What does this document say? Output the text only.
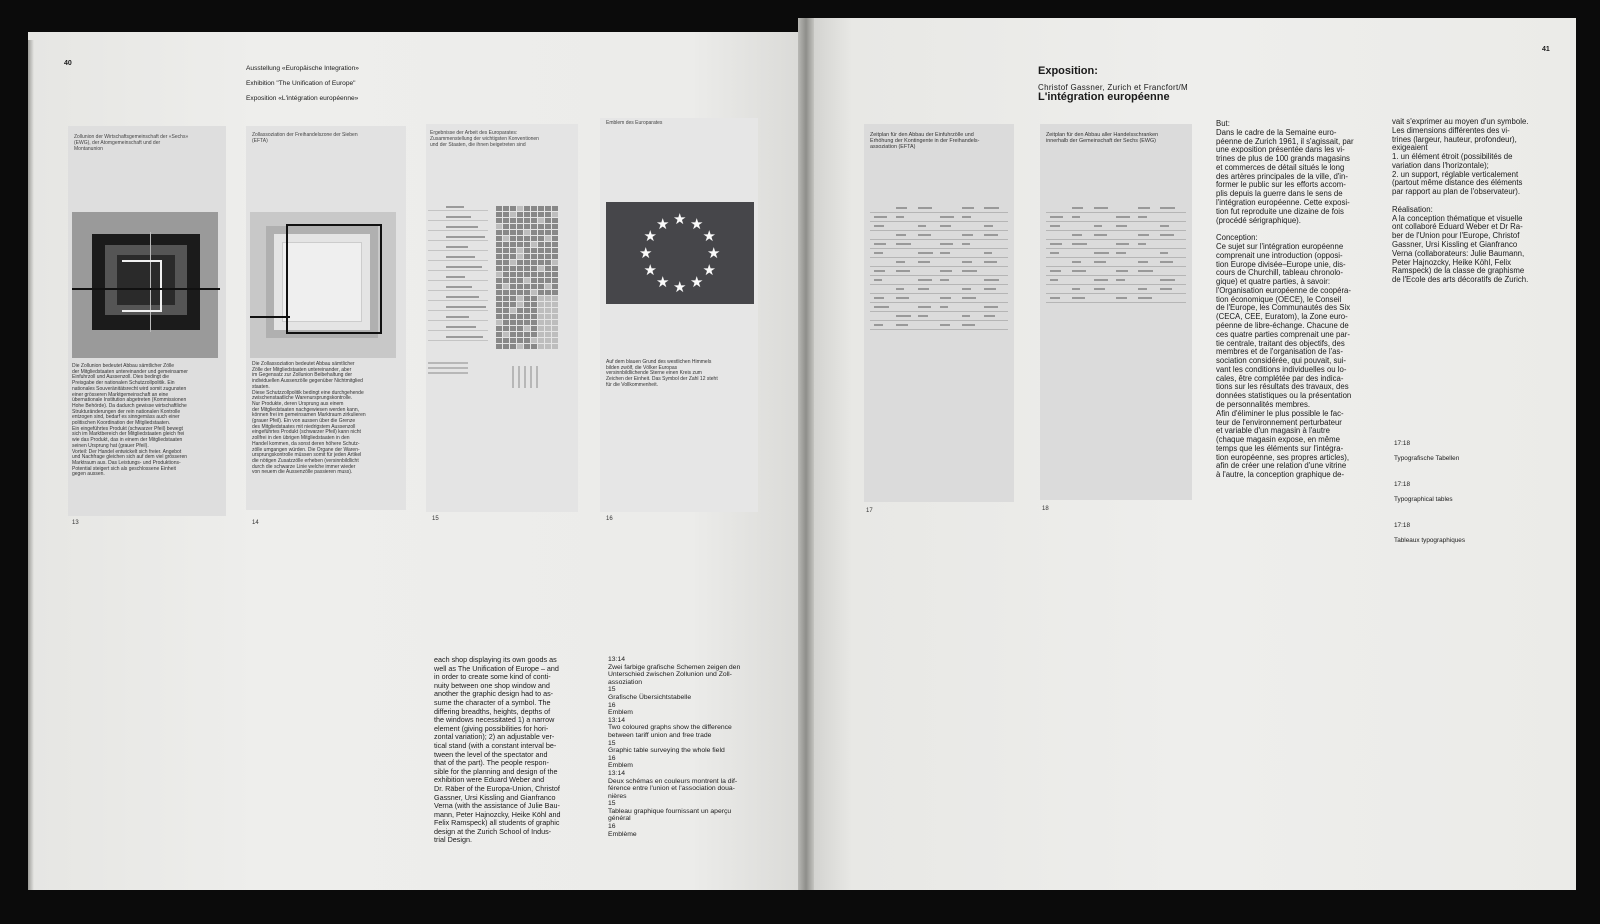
40

Ausstellung «Europäische Integration»

Exhibition "The Unification of Europe"

Exposition «L'intégration européenne»

Zollunion der Wirtschaftsgemeinschaft der «Sechs»
(EWG), der Atomgemeinschaft und der
Montanunion
Die Zollunion bedeutet Abbau sämtlicher Zölle
der Mitgliedstaaten untereinander und gemeinsamer
Einfuhrzoll und Aussenzoll. Dies bedingt die
Preisgabe der nationalen Schutzzollpolitik. Ein
nationales Souveränitätsrecht wird somit zugunsten
einer grösseren Marktgemeinschaft an eine
übernationale Institution abgetreten (Kommissionen
Hohe Behörde). Da dadurch gewisse wirtschaftliche
Strukturänderungen der rein nationalen Kontrolle
entzogen sind, bedarf es sinngemäss auch einer
politischen Koordination der Mitgliedstaaten.
Ein eingeführtes Produkt (schwarzer Pfeil) bewegt
sich im Marktbereich der Mitgliedstaaten gleich frei
wie das Produkt, das in einem der Mitgliedstaaten
seinen Ursprung hat (grauer Pfeil).
Vorteil: Der Handel entwickelt sich freier. Angebot
und Nachfrage gleichen sich auf dem viel grösseren
Marktraum aus. Das Leistungs- und Produktions-
Potential steigert sich als geschlossene Einheit
gegen aussen.
13
Zollassoziation der Freihandelszone der Sieben
(EFTA)
Die Zollassoziation bedeutet Abbau sämtlicher
Zölle der Mitgliedstaaten untereinander, aber
im Gegensatz zur Zollunion Beibehaltung der
individuellen Aussenzölle gegenüber Nichtmitglied
staaten.
Diese Schutzzollpolitik bedingt eine durchgehende
zwischenstaatliche Warenursprungskontrolle.
Nur Produkte, deren Ursprung aus einem
der Mitgliedstaaten nachgewiesen werden kann,
können frei im gemeinsamen Marktraum zirkulieren
(grauer Pfeil). Ein von aussen über die Grenze
des Mitgliedstaates mit niedrigstem Aussenzoll
eingeführtes Produkt (schwarzer Pfeil) kann nicht
zollfrei in den übrigen Mitgliedstaaten in den
Handel kommen, da sonst deren höhere Schutz-
zölle umgangen würden. Die Organe der Waren-
ursprungskontrolle müssen somit für jeden Artikel
die nötigen Zusatzzölle erheben (versinnbildlicht
durch die schwarze Linie welche immer wieder
von neuem die Aussenzölle passieren muss).
14
Ergebnisse der Arbeit des Europarates:
Zusammenstellung der wichtigsten Konventionen
und der Staaten, die ihnen beigetreten sind
15
Emblem des Europarates
★ ★
★
★
★
★
★
★
★
★
★
★
Auf dem blauen Grund des westlichen Himmels
bilden zwölf, die Völker Europas
versinnbildlichende Sterne einen Kreis zum
Zeichen der Einheit. Das Symbol der Zahl 12 steht
für die Vollkommenheit.
16
each shop displaying its own goods as
well as The Unification of Europe – and
in order to create some kind of conti-
nuity between one shop window and
another the graphic design had to as-
sume the character of a symbol. The
differing breadths, heights, depths of
the windows necessitated 1) a narrow
element (giving possibilities for hori-
zontal variation); 2) an adjustable ver-
tical stand (with a constant interval be-
tween the level of the spectator and
that of the part). The people respon-
sible for the planning and design of the
exhibition were Eduard Weber and
Dr. Räber of the Europa-Union, Christof
Gassner, Ursi Kissling and Gianfranco
Verna (with the assistance of Julie Bau-
mann, Peter Hajnozcky, Heike Köhl and
Felix Ramspeck) all students of graphic
design at the Zurich School of Indus-
trial Design.
13:14
Zwei farbige grafische Schemen zeigen den
Unterschied zwischen Zollunion und Zoll-
assoziation
15
Grafische Übersichtstabelle
16
Emblem
13:14
Two coloured graphs show the difference
between tariff union and free trade
15
Graphic table surveying the whole field
16
Emblem
13:14
Deux schémas en couleurs montrent la dif-
férence entre l'union et l'association doua-
nières
15
Tableau graphique fournissant un aperçu
général
16
Emblème
41

Exposition:

L'intégration européenne

Christof Gassner, Zurich et Francfort/M
Zeitplan für den Abbau der Einfuhrzölle und
Erhöhung der Kontingente in der Freihandels-
assoziation (EFTA)
17
Zeitplan für den Abbau aller Handelsschranken
innerhalb der Gemeinschaft der Sechs (EWG)
18
But:
Dans le cadre de la Semaine euro-
péenne de Zurich 1961, il s'agissait, par
une exposition présentée dans les vi-
trines de plus de 100 grands magasins
et commerces de détail situés le long
des artères principales de la ville, d'in-
former le public sur les efforts accom-
plis depuis la guerre dans le sens de
l'intégration européenne. Cette exposi-
tion fut reproduite une dizaine de fois
(procédé sérigraphique).

Conception:
Ce sujet sur l'intégration européenne
comprenait une introduction (opposi-
tion Europe divisée–Europe unie, dis-
cours de Churchill, tableau chronolo-
gique) et quatre parties, à savoir:
l'Organisation européenne de coopéra-
tion économique (OECE), le Conseil
de l'Europe, les Communautés des Six
(CECA, CEE, Euratom), la Zone euro-
péenne de libre-échange. Chacune de
ces quatre parties comprenait une par-
tie centrale, traitant des objectifs, des
membres et de l'organisation de l'as-
sociation considérée, qui pouvait, sui-
vant les conditions individuelles ou lo-
cales, être complétée par des indica-
tions sur les résultats des travaux, des
données statistiques ou la présentation
de personnalités membres.
Afin d'éliminer le plus possible le fac-
teur de l'environnement perturbateur
et variable d'un magasin à l'autre
(chaque magasin expose, en même
temps que les éléments sur l'intégra-
tion européenne, ses propres articles),
afin de créer une relation d'une vitrine
à l'autre, la conception graphique de-
vait s'exprimer au moyen d'un symbole.
Les dimensions différentes des vi-
trines (largeur, hauteur, profondeur),
exigeaient
1. un élément étroit (possibilités de
variation dans l'horizontale);
2. un support, réglable verticalement
(partout même distance des éléments
par rapport au plan de l'observateur).

Réalisation:
A la conception thématique et visuelle
ont collaboré Eduard Weber et Dr Ra-
ber de l'Union pour l'Europe, Christof
Gassner, Ursi Kissling et Gianfranco
Verna (collaborateurs: Julie Baumann,
Peter Hajnozcky, Heike Köhl, Felix
Ramspeck) de la classe de graphisme
de l'Ecole des arts décoratifs de Zurich.

17:18

Typografische Tabellen

17:18

Typographical tables

17:18

Tableaux typographiques
